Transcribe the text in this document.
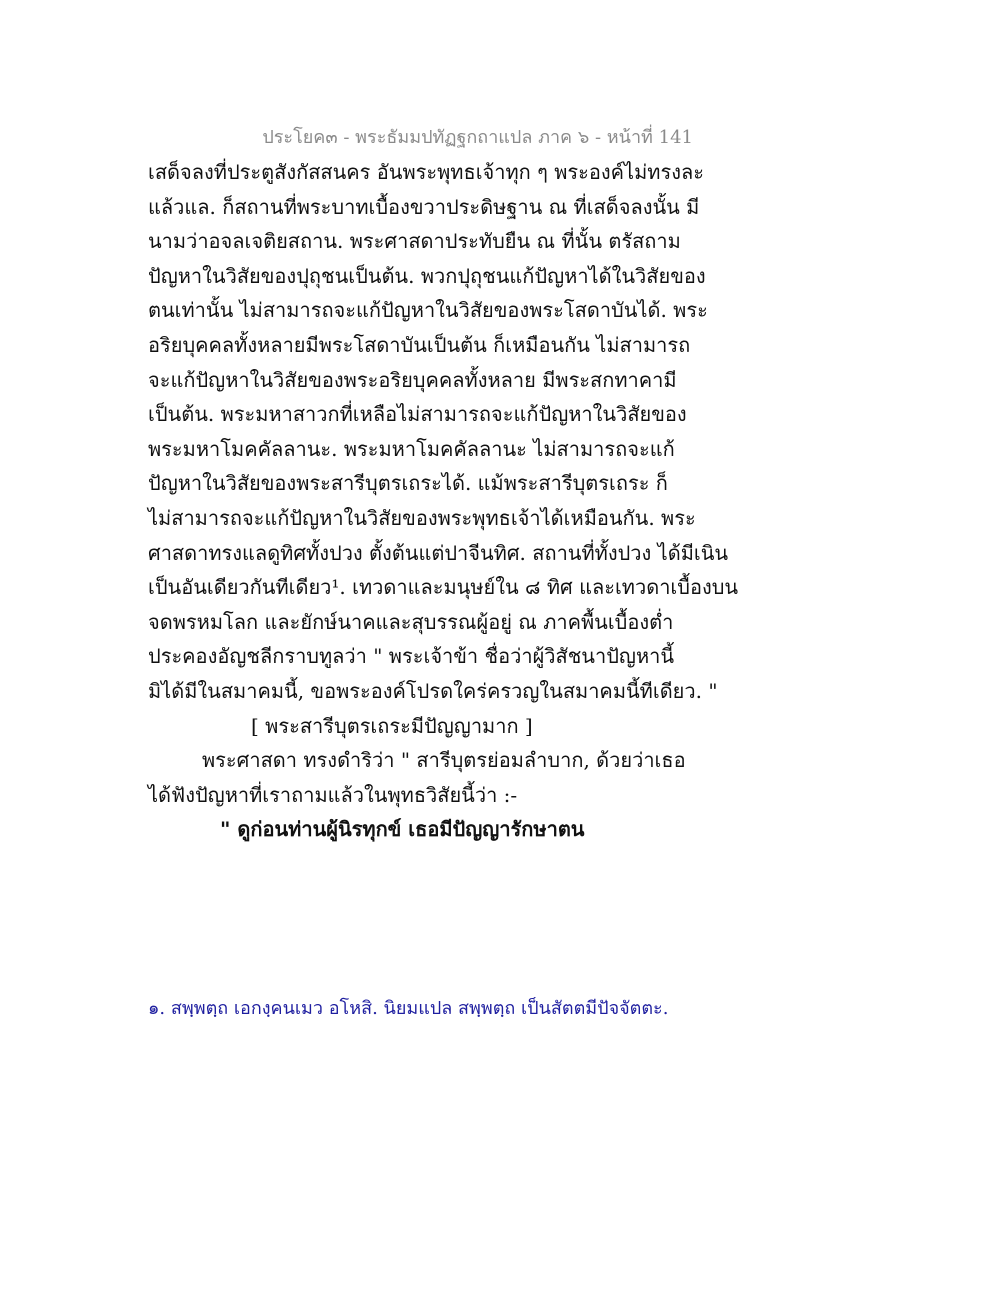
ประโยค๓ - พระธัมมปทัฏฐกถาแปล ภาค ๖ - หน้าที่ 141
เสด็จลงที่ประตูสังกัสสนคร อันพระพุทธเจ้าทุก ๆ พระองค์ไม่ทรงละ
แล้วแล. ก็สถานที่พระบาทเบื้องขวาประดิษฐาน ณ ที่เสด็จลงนั้น มี
นามว่าอจลเจติยสถาน. พระศาสดาประทับยืน ณ ที่นั้น ตรัสถาม
ปัญหาในวิสัยของปุถุชนเป็นต้น. พวกปุถุชนแก้ปัญหาได้ในวิสัยของ
ตนเท่านั้น ไม่สามารถจะแก้ปัญหาในวิสัยของพระโสดาบันได้. พระ
อริยบุคคลทั้งหลายมีพระโสดาบันเป็นต้น ก็เหมือนกัน ไม่สามารถ
จะแก้ปัญหาในวิสัยของพระอริยบุคคลทั้งหลาย มีพระสกทาคามี
เป็นต้น. พระมหาสาวกที่เหลือไม่สามารถจะแก้ปัญหาในวิสัยของ
พระมหาโมคคัลลานะ. พระมหาโมคคัลลานะ ไม่สามารถจะแก้
ปัญหาในวิสัยของพระสารีบุตรเถระได้. แม้พระสารีบุตรเถระ ก็
ไม่สามารถจะแก้ปัญหาในวิสัยของพระพุทธเจ้าได้เหมือนกัน. พระ
ศาสดาทรงแลดูทิศทั้งปวง ตั้งต้นแต่ปาจีนทิศ. สถานที่ทั้งปวง ได้มีเนิน
เป็นอันเดียวกันทีเดียว¹. เทวดาและมนุษย์ใน ๘ ทิศ และเทวดาเบื้องบน
จดพรหมโลก และยักษ์นาคและสุบรรณผู้อยู่ ณ ภาคพื้นเบื้องต่ำ
ประคองอัญชลีกราบทูลว่า " พระเจ้าข้า ชื่อว่าผู้วิสัชนาปัญหานี้
มิได้มีในสมาคมนี้, ขอพระองค์โปรดใคร่ครวญในสมาคมนี้ทีเดียว. "
[ พระสารีบุตรเถระมีปัญญามาก ]
พระศาสดา ทรงดำริว่า " สารีบุตรย่อมลำบาก, ด้วยว่าเธอ
ได้ฟังปัญหาที่เราถามแล้วในพุทธวิสัยนี้ว่า :-
" ดูก่อนท่านผู้นิรทุกข์ เธอมีปัญญารักษาตน
๑. สพฺพตฺถ เอกงฺคนเมว อโหสิ. นิยมแปล สพฺพตฺถ เป็นสัตตมีปัจจัตตะ.
